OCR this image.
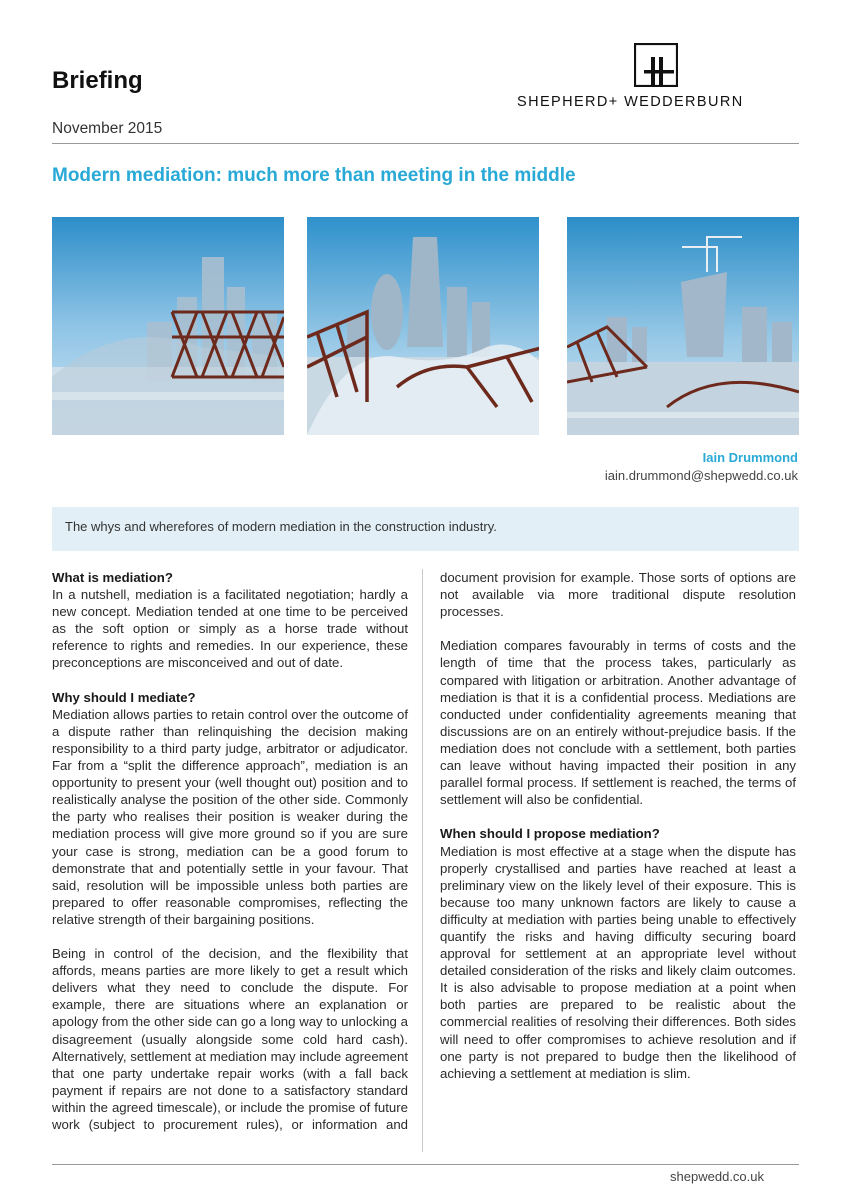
Briefing
SHEPHERD+ WEDDERBURN
November 2015
Modern mediation: much more than meeting in the middle
Iain Drummond
iain.drummond@shepwedd.co.uk
The whys and wherefores of modern mediation in the construction industry.
What is mediation?

In a nutshell, mediation is a facilitated negotiation; hardly a new concept. Mediation tended at one time to be perceived as the soft option or simply as a horse trade without reference to rights and remedies. In our experience, these preconceptions are misconceived and out of date.

Why should I mediate?

Mediation allows parties to retain control over the outcome of a dispute rather than relinquishing the decision making responsibility to a third party judge, arbitrator or adjudicator. Far from a “split the difference approach”, mediation is an opportunity to present your (well thought out) position and to realistically analyse the position of the other side. Commonly the party who realises their position is weaker during the mediation process will give more ground so if you are sure your case is strong, mediation can be a good forum to demonstrate that and potentially settle in your favour. That said, resolution will be impossible unless both parties are prepared to offer reasonable compromises, reflecting the relative strength of their bargaining positions.

Being in control of the decision, and the flexibility that affords, means parties are more likely to get a result which delivers what they need to conclude the dispute. For example, there are situations where an explanation or apology from the other side can go a long way to unlocking a disagreement (usually alongside some cold hard cash). Alternatively, settlement at mediation may include agreement that one party undertake repair works (with a fall back payment if repairs are not done to a satisfactory standard within the agreed timescale), or include the promise of future work (subject to procurement rules), or information and

document provision for example. Those sorts of options are not available via more traditional dispute resolution processes.

Mediation compares favourably in terms of costs and the length of time that the process takes, particularly as compared with litigation or arbitration. Another advantage of mediation is that it is a confidential process. Mediations are conducted under confidentiality agreements meaning that discussions are on an entirely without-prejudice basis. If the mediation does not conclude with a settlement, both parties can leave without having impacted their position in any parallel formal process. If settlement is reached, the terms of settlement will also be confidential.

When should I propose mediation?

Mediation is most effective at a stage when the dispute has properly crystallised and parties have reached at least a preliminary view on the likely level of their exposure. This is because too many unknown factors are likely to cause a difficulty at mediation with parties being unable to effectively quantify the risks and having difficulty securing board approval for settlement at an appropriate level without detailed consideration of the risks and likely claim outcomes. It is also advisable to propose mediation at a point when both parties are prepared to be realistic about the commercial realities of resolving their differences. Both sides will need to offer compromises to achieve resolution and if one party is not prepared to budge then the likelihood of achieving a settlement at mediation is slim.

shepwedd.co.uk
